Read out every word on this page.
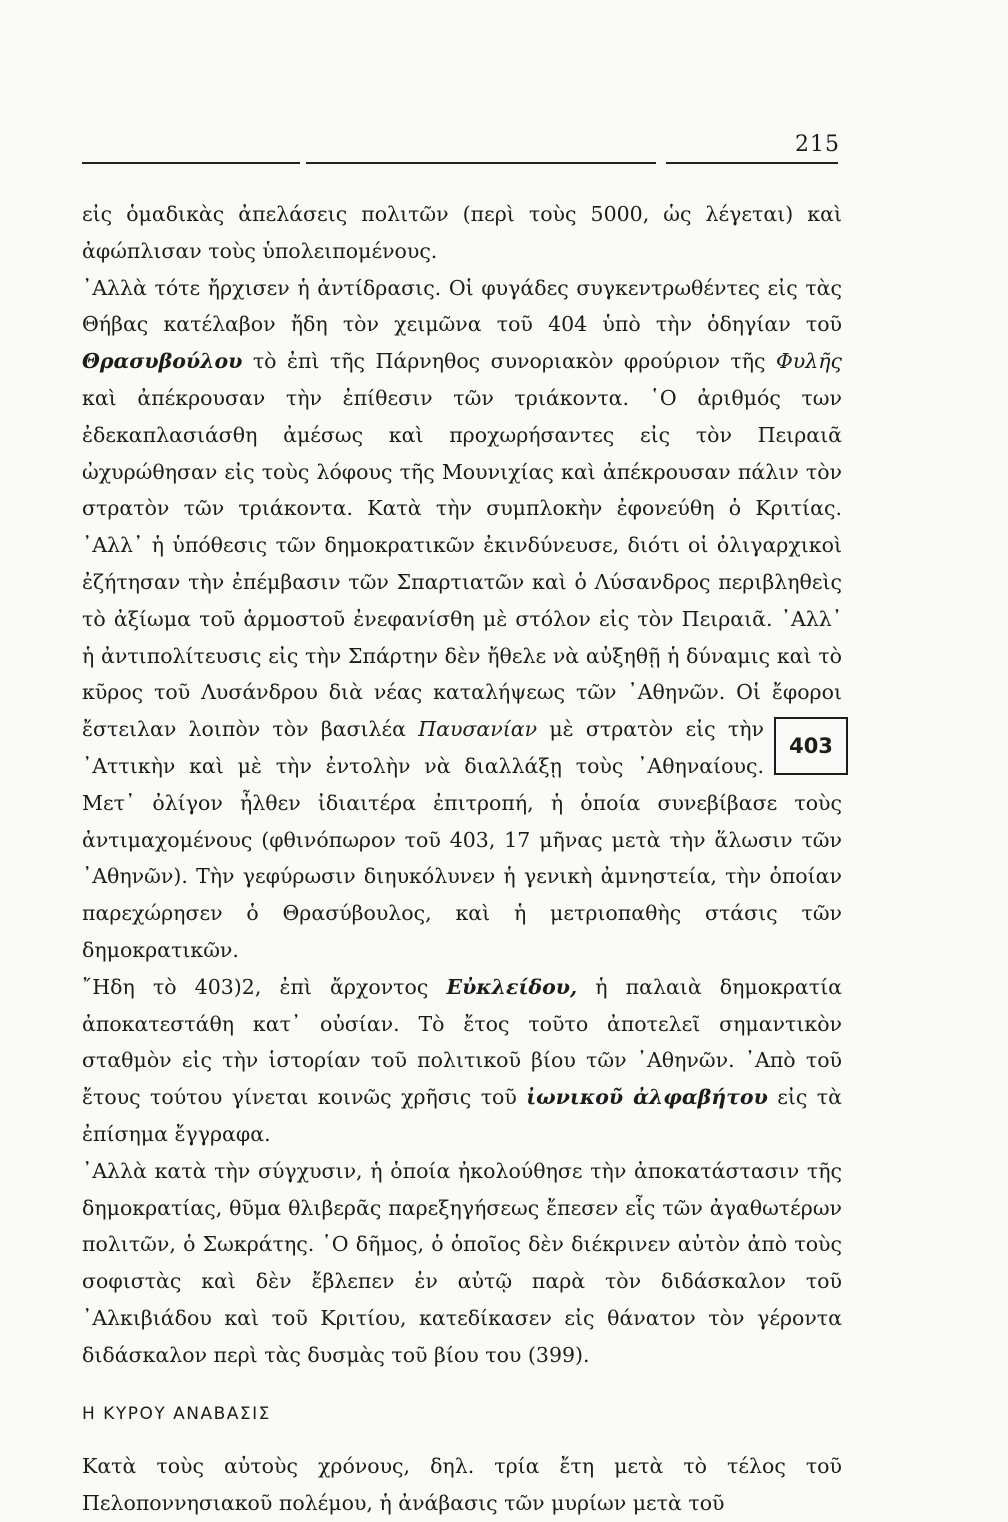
215

εἰς ὁμαδικὰς ἀπελάσεις πολιτῶν (περὶ τοὺς 5000, ὡς λέγεται) καὶ ἀφώπλισαν τοὺς ὑπολειπομένους.

᾿Αλλὰ τότε ἤρχισεν ἡ ἀντίδρασις. Οἱ φυγάδες συγκεντρωθέντες εἰς τὰς Θήβας κατέλαβον ἤδη τὸν χειμῶνα τοῦ 404 ὑπὸ τὴν ὁδηγίαν τοῦ Θρασυβούλου τὸ ἐπὶ τῆς Πάρνηθος συνοριακὸν φρούριον τῆς Φυλῆς καὶ ἀπέκρουσαν τὴν ἐπίθεσιν τῶν τριάκοντα. ῾Ο ἀριθμός των ἐδεκαπλασιάσθη ἀμέσως καὶ προχωρήσαντες εἰς τὸν Πειραιᾶ ὠχυρώθησαν εἰς τοὺς λόφους τῆς Μουνιχίας καὶ ἀπέκρουσαν πάλιν τὸν στρατὸν τῶν τριάκοντα. Κατὰ τὴν συμπλοκὴν ἐφονεύθη ὁ Κριτίας. ᾿Αλλ᾿ ἡ ὑπόθεσις τῶν δημοκρατικῶν ἐκινδύνευσε, διότι οἱ ὀλιγαρχικοὶ ἐζήτησαν τὴν ἐπέμβασιν τῶν Σπαρτιατῶν καὶ ὁ Λύσανδρος περιβληθεὶς τὸ ἀξίωμα τοῦ ἁρμοστοῦ ἐνεφανίσθη μὲ στόλον εἰς τὸν Πειραιᾶ. ᾿Αλλ᾿ ἡ ἀντιπολίτευσις εἰς τὴν Σπάρτην δὲν ἤθελε νὰ αὐξηθῇ ἡ δύναμις καὶ τὸ κῦρος τοῦ Λυσάνδρου διὰ νέας καταλήψεως τῶν ᾿Αθηνῶν. Οἱ ἔφοροι ἔστειλαν λοιπὸν τὸν βασιλέα Παυσανίαν
403
μὲ στρατὸν εἰς τὴν ᾿Αττικὴν καὶ μὲ τὴν ἐντολὴν νὰ διαλλάξῃ τοὺς ᾿Αθηναίους. Μετ᾿ ὀλίγον ἦλθεν ἰδιαιτέρα ἐπιτροπή, ἡ ὁποία συνεβίβασε τοὺς ἀντιμαχομένους (φθινόπωρον τοῦ 403, 17 μῆνας μετὰ τὴν ἅλωσιν τῶν ᾿Αθηνῶν). Τὴν γεφύρωσιν διηυκόλυνεν ἡ γενικὴ ἀμνηστεία, τὴν ὁποίαν παρεχώρησεν ὁ Θρασύβουλος, καὶ ἡ μετριοπαθὴς στάσις τῶν δημοκρατικῶν.

῎Ηδη τὸ 403)2, ἐπὶ ἄρχοντος Εὐκλείδου, ἡ παλαιὰ δημοκρατία ἀποκατεστάθη κατ᾿ οὐσίαν. Τὸ ἔτος τοῦτο ἀποτελεῖ σημαντικὸν σταθμὸν εἰς τὴν ἱστορίαν τοῦ πολιτικοῦ βίου τῶν ᾿Αθηνῶν. ᾿Απὸ τοῦ ἔτους τούτου γίνεται κοινῶς χρῆσις τοῦ ἰωνικοῦ ἀλφαβήτου εἰς τὰ ἐπίσημα ἔγγραφα.

᾿Αλλὰ κατὰ τὴν σύγχυσιν, ἡ ὁποία ἠκολούθησε τὴν ἀποκατάστασιν τῆς δημοκρατίας, θῦμα θλιβερᾶς παρεξηγήσεως ἔπεσεν εἷς τῶν ἀγαθωτέρων πολιτῶν, ὁ Σωκράτης. ῾Ο δῆμος, ὁ ὁποῖος δὲν διέκρινεν αὐτὸν ἀπὸ τοὺς σοφιστὰς καὶ δὲν ἔβλεπεν ἐν αὐτῷ παρὰ τὸν διδάσκαλον τοῦ ᾿Αλκιβιάδου καὶ τοῦ Κριτίου, κατεδίκασεν εἰς θάνατον τὸν γέροντα διδάσκαλον περὶ τὰς δυσμὰς τοῦ βίου του (399).

Η ΚΥΡΟΥ ΑΝΑΒΑΣΙΣ

Κατὰ τοὺς αὐτοὺς χρόνους, δηλ. τρία ἔτη μετὰ τὸ τέλος τοῦ Πελοποννησιακοῦ πολέμου, ἡ ἀνάβασις τῶν μυρίων μετὰ τοῦ
